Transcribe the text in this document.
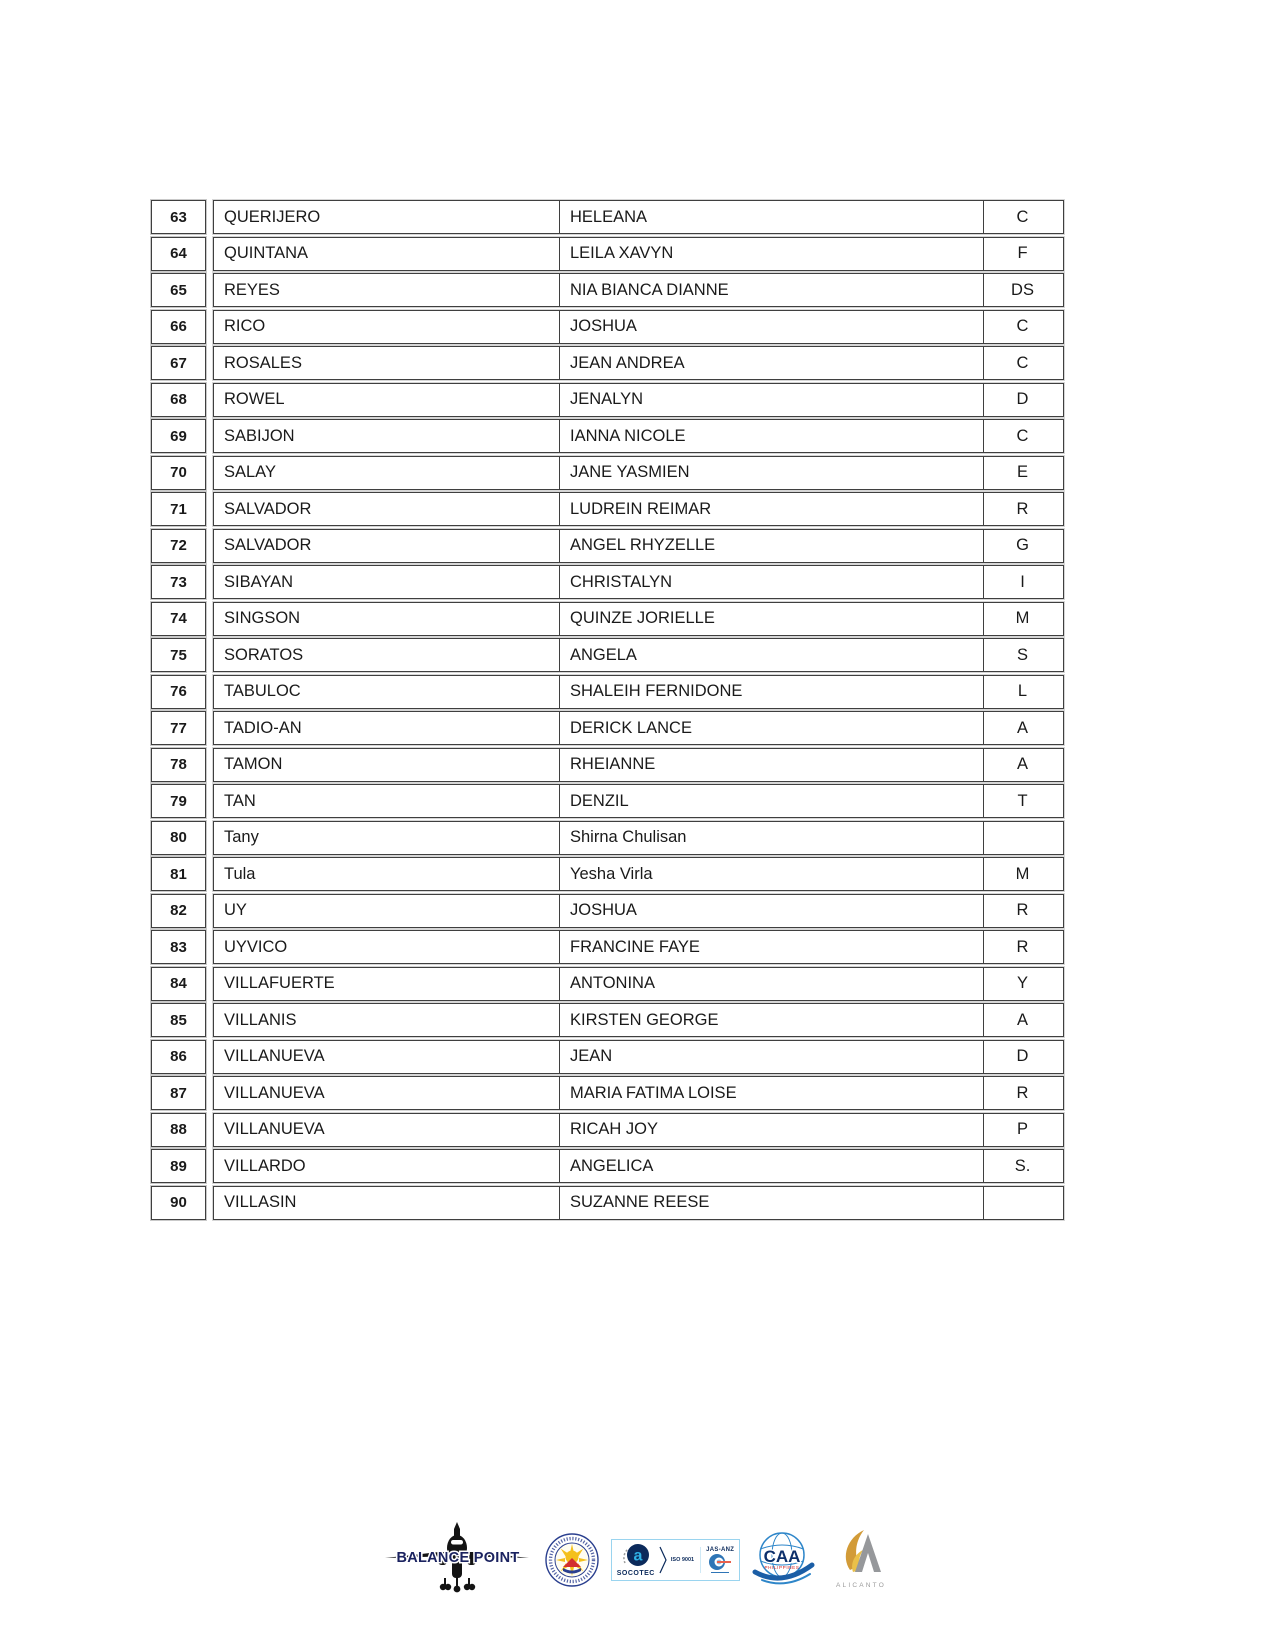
63	QUERIJERO	HELEANA	C
64	QUINTANA	LEILA XAVYN	F
65	REYES	NIA BIANCA DIANNE	DS
66	RICO	JOSHUA	C
67	ROSALES	JEAN ANDREA	C
68	ROWEL	JENALYN	D
69	SABIJON	IANNA NICOLE	C
70	SALAY	JANE YASMIEN	E
71	SALVADOR	LUDREIN REIMAR	R
72	SALVADOR	ANGEL RHYZELLE	G
73	SIBAYAN	CHRISTALYN	I
74	SINGSON	QUINZE JORIELLE	M
75	SORATOS	ANGELA	S
76	TABULOC	SHALEIH FERNIDONE	L
77	TADIO-AN	DERICK LANCE	A
78	TAMON	RHEIANNE	A
79	TAN	DENZIL	T
80	Tany	Shirna Chulisan
81	Tula	Yesha Virla	M
82	UY	JOSHUA	R
83	UYVICO	FRANCINE FAYE	R
84	VILLAFUERTE	ANTONINA	Y
85	VILLANIS	KIRSTEN GEORGE	A
86	VILLANUEVA	JEAN	D
87	VILLANUEVA	MARIA FATIMA LOISE	R
88	VILLANUEVA	RICAH JOY	P
89	VILLARDO	ANGELICA	S.
90	VILLASIN	SUZANNE REESE
BALANCE POINT	a
SOCOTEC
ISO 9001
JAS-ANZ CAA
PHILIPPINES
ALICANTO
